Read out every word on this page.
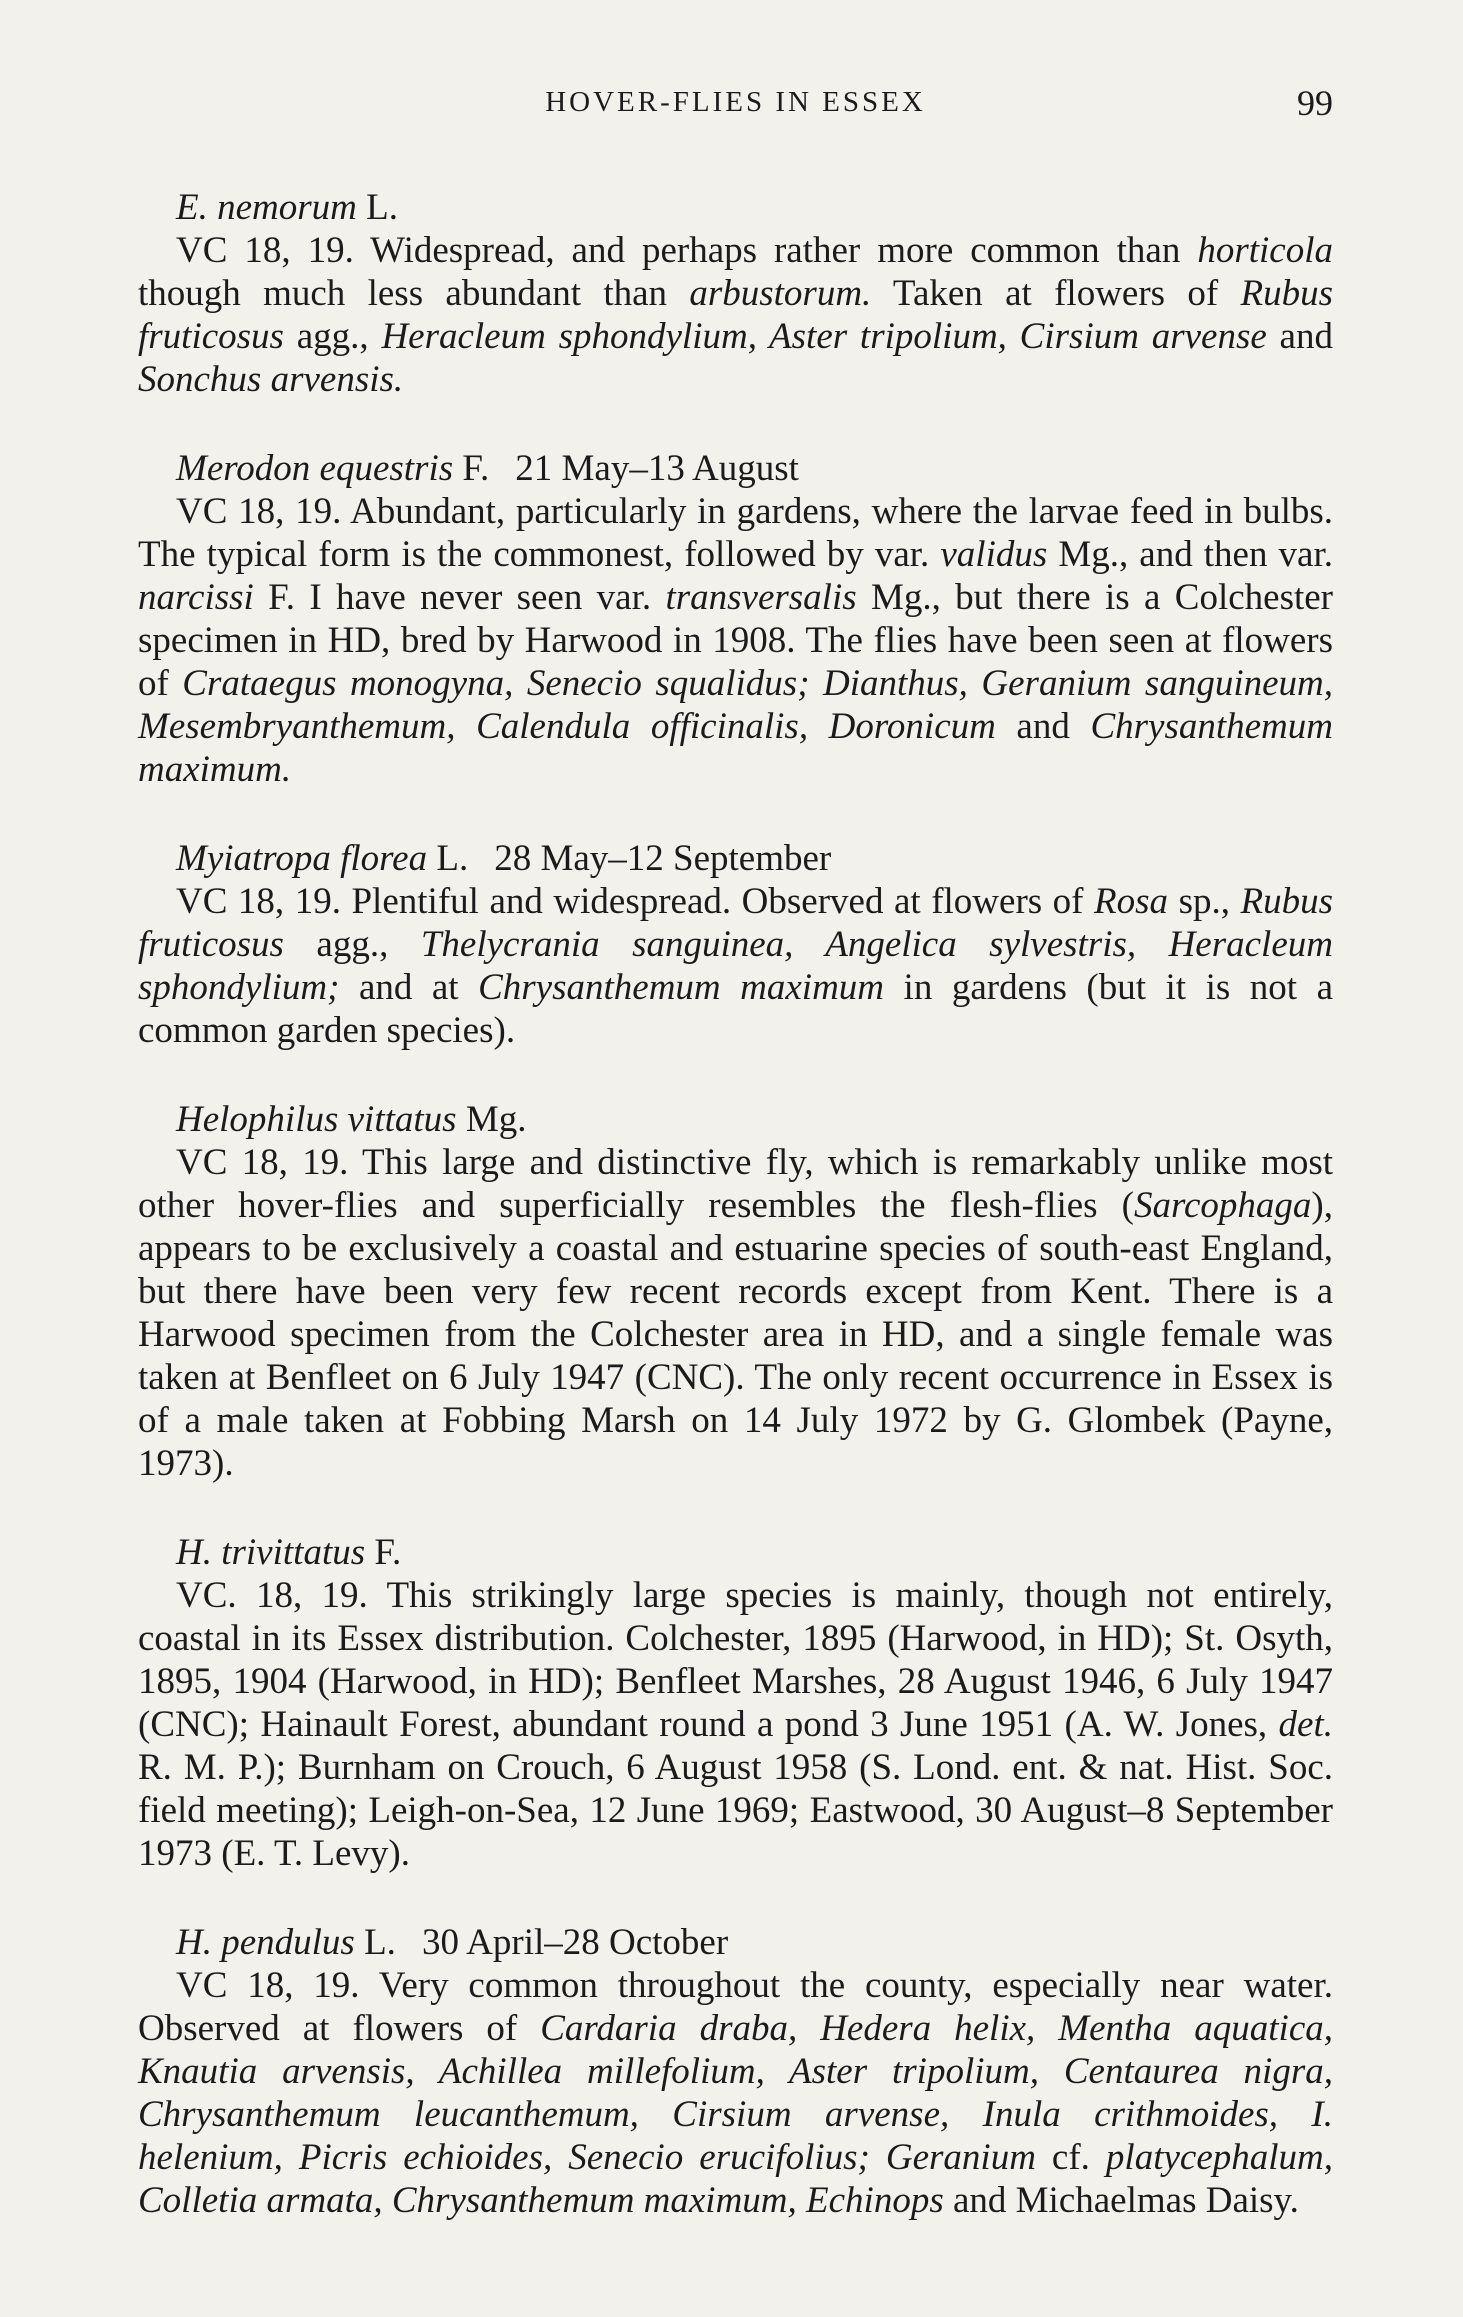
HOVER-FLIES IN ESSEX	99

E. nemorum L.

VC 18, 19. Widespread, and perhaps rather more common than horticola though much less abundant than arbustorum. Taken at flowers of Rubus fruticosus agg., Heracleum sphondylium, Aster tripolium, Cirsium arvense and Sonchus arvensis.

Merodon equestris F. 21 May–13 August

VC 18, 19. Abundant, particularly in gardens, where the larvae feed in bulbs. The typical form is the commonest, followed by var. validus Mg., and then var. narcissi F. I have never seen var. transversalis Mg., but there is a Colchester specimen in HD, bred by Harwood in 1908. The flies have been seen at flowers of Crataegus monogyna, Senecio squalidus; Dianthus, Geranium sanguineum, Mesembryanthemum, Calendula officinalis, Doronicum and Chrysanthemum maximum.

Myiatropa florea L. 28 May–12 September

VC 18, 19. Plentiful and widespread. Observed at flowers of Rosa sp., Rubus fruticosus agg., Thelycrania sanguinea, Angelica sylvestris, Heracleum sphondylium; and at Chrysanthemum maximum in gardens (but it is not a common garden species).

Helophilus vittatus Mg.

VC 18, 19. This large and distinctive fly, which is remarkably unlike most other hover-flies and superficially resembles the flesh-flies (Sarcophaga), appears to be exclusively a coastal and estuarine species of south-east England, but there have been very few recent records except from Kent. There is a Harwood specimen from the Colchester area in HD, and a single female was taken at Benfleet on 6 July 1947 (CNC). The only recent occurrence in Essex is of a male taken at Fobbing Marsh on 14 July 1972 by G. Glombek (Payne, 1973).

H. trivittatus F.

VC. 18, 19. This strikingly large species is mainly, though not entirely, coastal in its Essex distribution. Colchester, 1895 (Harwood, in HD); St. Osyth, 1895, 1904 (Harwood, in HD); Benfleet Marshes, 28 August 1946, 6 July 1947 (CNC); Hainault Forest, abundant round a pond 3 June 1951 (A. W. Jones, det. R. M. P.); Burnham on Crouch, 6 August 1958 (S. Lond. ent. & nat. Hist. Soc. field meeting); Leigh-on-Sea, 12 June 1969; Eastwood, 30 August–8 September 1973 (E. T. Levy).

H. pendulus L. 30 April–28 October

VC 18, 19. Very common throughout the county, especially near water. Observed at flowers of Cardaria draba, Hedera helix, Mentha aquatica, Knautia arvensis, Achillea millefolium, Aster tripolium, Centaurea nigra, Chrysanthemum leucanthemum, Cirsium arvense, Inula crithmoides, I. helenium, Picris echioides, Senecio erucifolius; Geranium cf. platycephalum, Colletia armata, Chrysanthemum maximum, Echinops and Michaelmas Daisy.
